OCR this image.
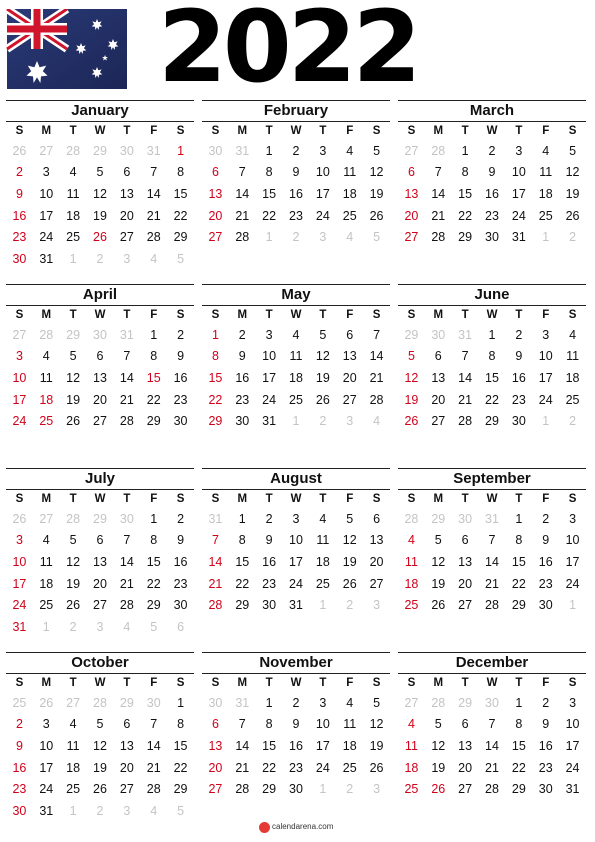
2022
January
S	M	T	W	T	F	S
26	27	28	29	30	31	1
2	3	4	5	6	7	8
9	10	11	12	13	14	15
16	17	18	19	20	21	22
23	24	25	26	27	28	29
30	31	1	2	3	4	5
February
S	M	T	W	T	F	S
30	31	1	2	3	4	5
6	7	8	9	10	11	12
13	14	15	16	17	18	19
20	21	22	23	24	25	26
27	28	1	2	3	4	5
March
S	M	T	W	T	F	S
27	28	1	2	3	4	5
6	7	8	9	10	11	12
13	14	15	16	17	18	19
20	21	22	23	24	25	26
27	28	29	30	31	1	2
April
S	M	T	W	T	F	S
27	28	29	30	31	1	2
3	4	5	6	7	8	9
10	11	12	13	14	15	16
17	18	19	20	21	22	23
24	25	26	27	28	29	30
May
S	M	T	W	T	F	S
1	2	3	4	5	6	7
8	9	10	11	12	13	14
15	16	17	18	19	20	21
22	23	24	25	26	27	28
29	30	31	1	2	3	4
June
S	M	T	W	T	F	S
29	30	31	1	2	3	4
5	6	7	8	9	10	11
12	13	14	15	16	17	18
19	20	21	22	23	24	25
26	27	28	29	30	1	2
July
S	M	T	W	T	F	S
26	27	28	29	30	1	2
3	4	5	6	7	8	9
10	11	12	13	14	15	16
17	18	19	20	21	22	23
24	25	26	27	28	29	30
31	1	2	3	4	5	6
August
S	M	T	W	T	F	S
31	1	2	3	4	5	6
7	8	9	10	11	12	13
14	15	16	17	18	19	20
21	22	23	24	25	26	27
28	29	30	31	1	2	3
September
S	M	T	W	T	F	S
28	29	30	31	1	2	3
4	5	6	7	8	9	10
11	12	13	14	15	16	17
18	19	20	21	22	23	24
25	26	27	28	29	30	1
October
S	M	T	W	T	F	S
25	26	27	28	29	30	1
2	3	4	5	6	7	8
9	10	11	12	13	14	15
16	17	18	19	20	21	22
23	24	25	26	27	28	29
30	31	1	2	3	4	5
November
S	M	T	W	T	F	S
30	31	1	2	3	4	5
6	7	8	9	10	11	12
13	14	15	16	17	18	19
20	21	22	23	24	25	26
27	28	29	30	1	2	3
December
S	M	T	W	T	F	S
27	28	29	30	1	2	3
4	5	6	7	8	9	10
11	12	13	14	15	16	17
18	19	20	21	22	23	24
25	26	27	28	29	30	31
calendarena.com
